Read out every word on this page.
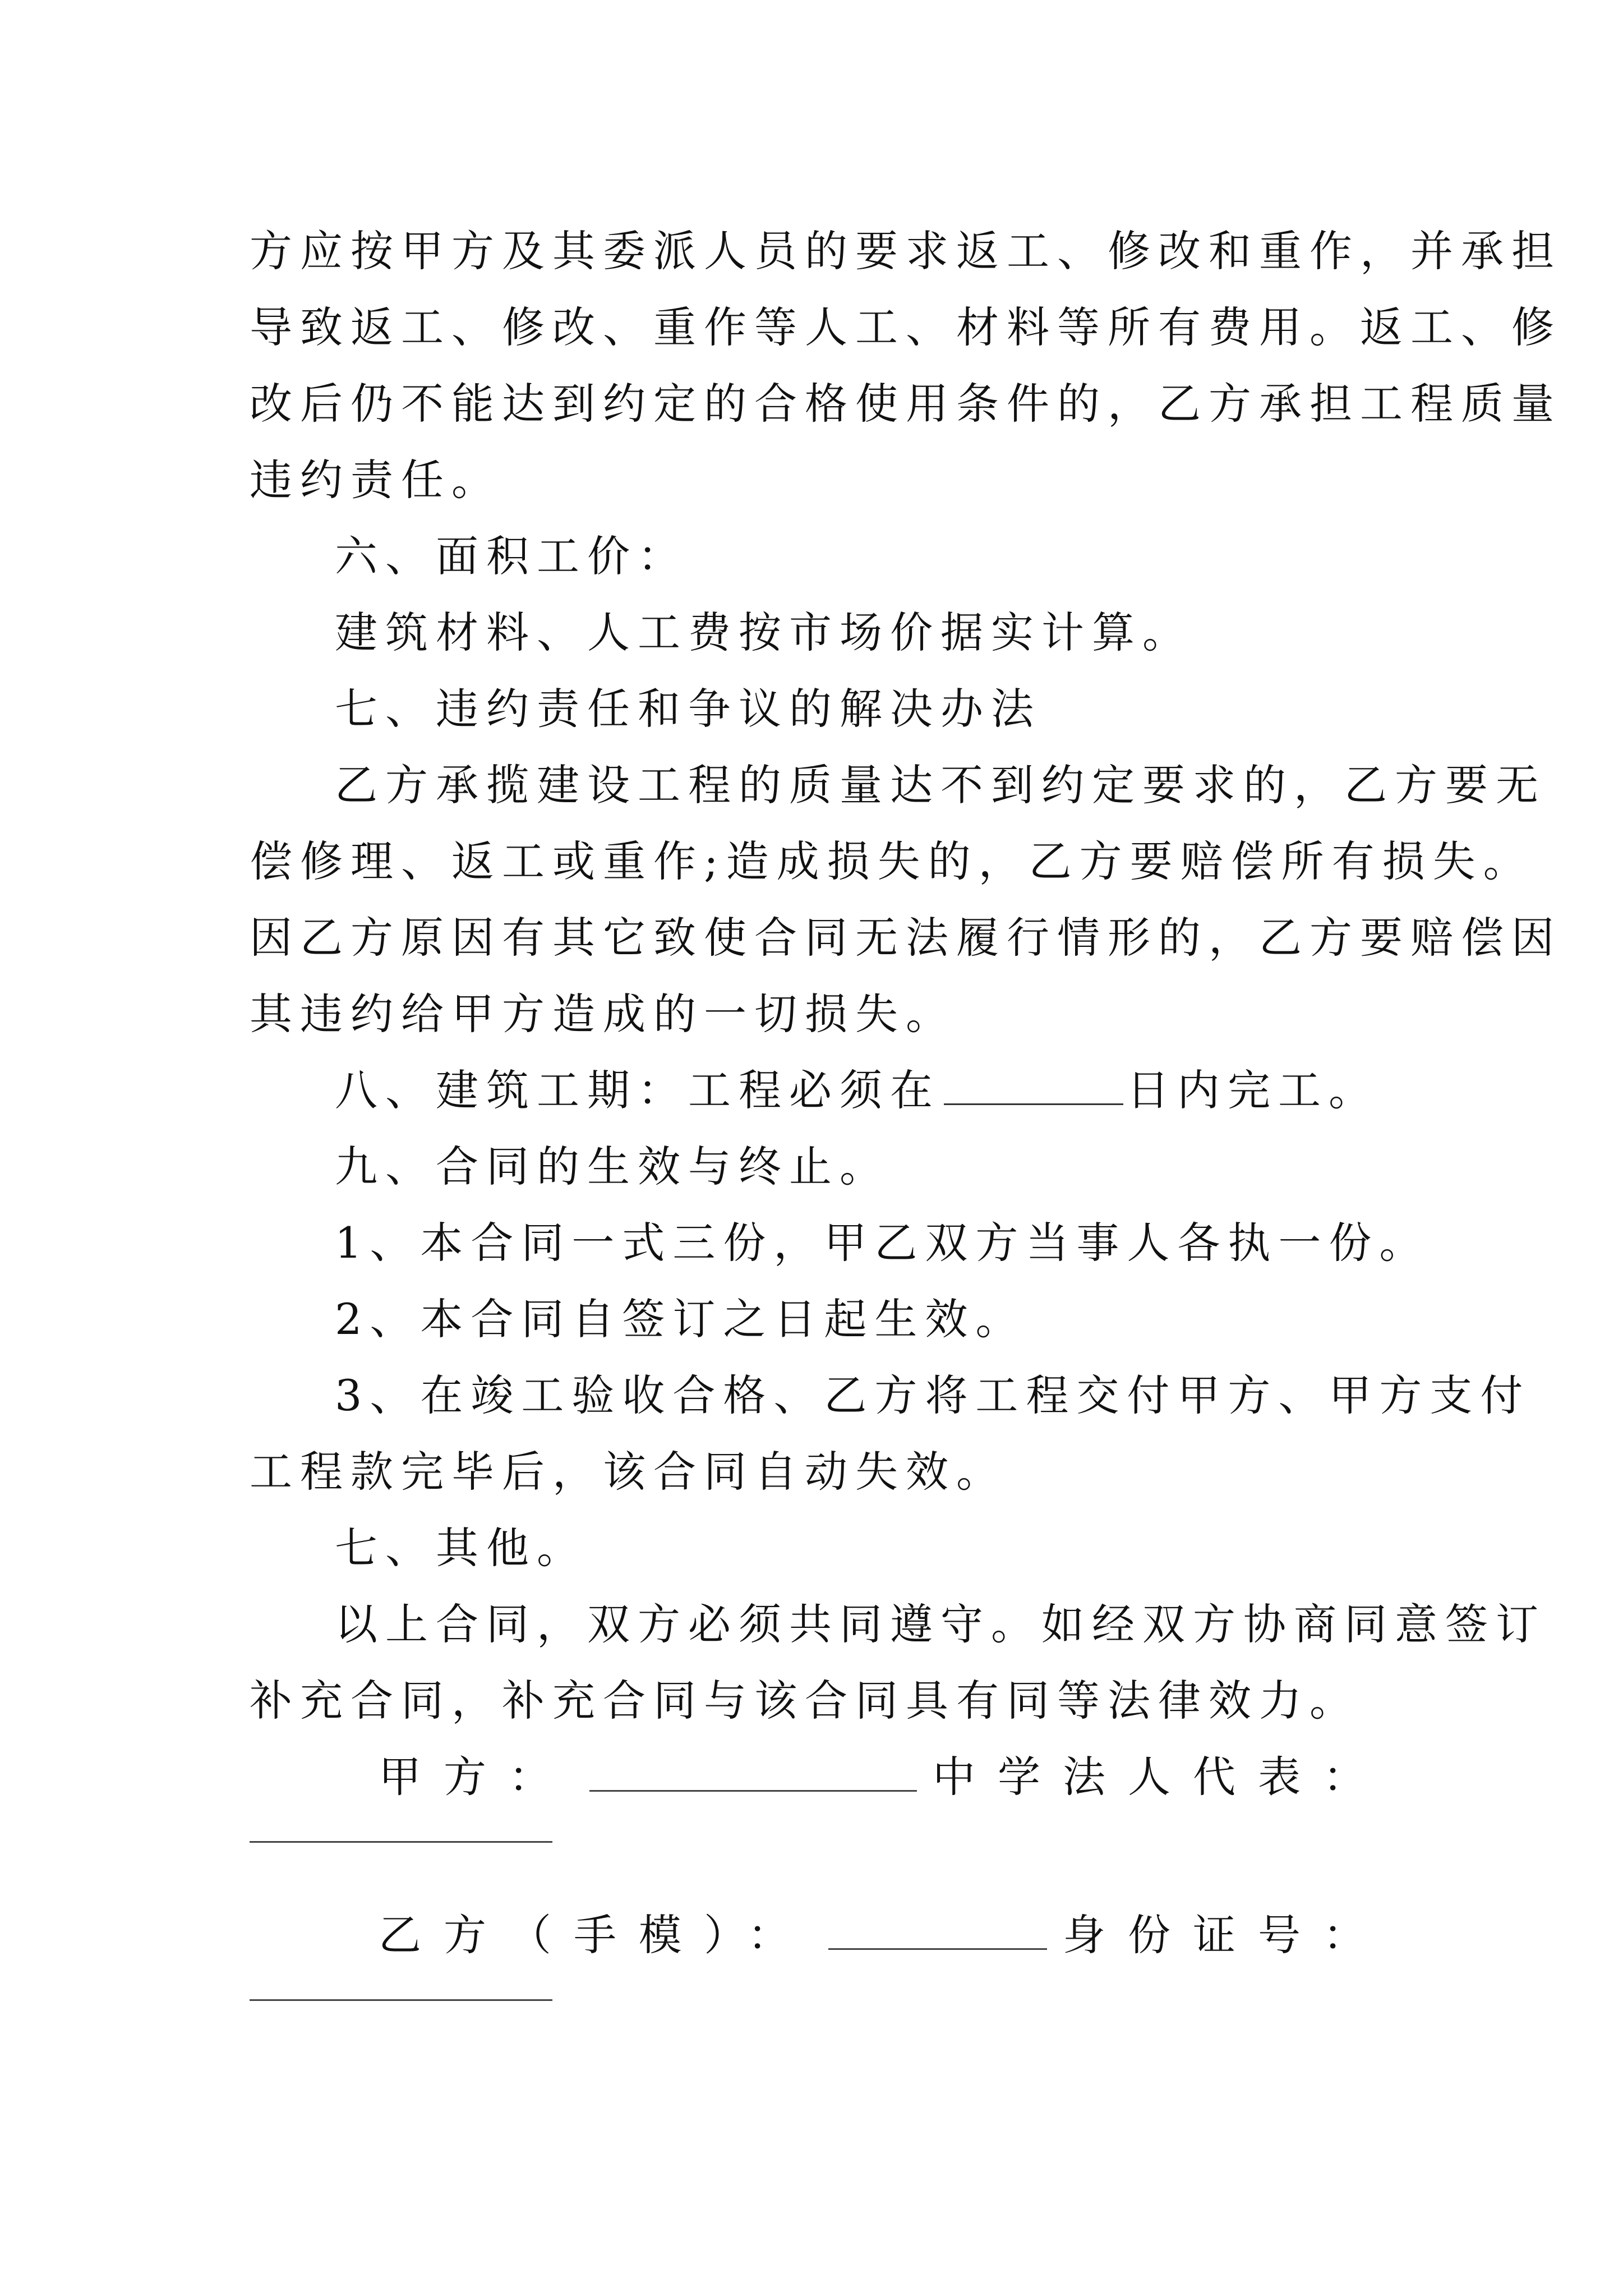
方应按甲方及其委派人员的要求返工、修改和重作，并承担
导致返工、修改、重作等人工、材料等所有费用。返工、修
改后仍不能达到约定的合格使用条件的，乙方承担工程质量
违约责任。
六、面积工价：
建筑材料、人工费按市场价据实计算。
七、违约责任和争议的解决办法
乙方承揽建设工程的质量达不到约定要求的，乙方要无
偿修理、返工或重作;造成损失的，乙方要赔偿所有损失。
因乙方原因有其它致使合同无法履行情形的，乙方要赔偿因
其违约给甲方造成的一切损失。
八、建筑工期：工程必须在	日内完工。
九、合同的生效与终止。
1、本合同一式三份，甲乙双方当事人各执一份。
2、本合同自签订之日起生效。
3、在竣工验收合格、乙方将工程交付甲方、甲方支付
工程款完毕后，该合同自动失效。
七、其他。
以上合同，双方必须共同遵守。如经双方协商同意签订
补充合同，补充合同与该合同具有同等法律效力。
甲方：	中学法人代表：
乙方（手模）：	身份证号：
